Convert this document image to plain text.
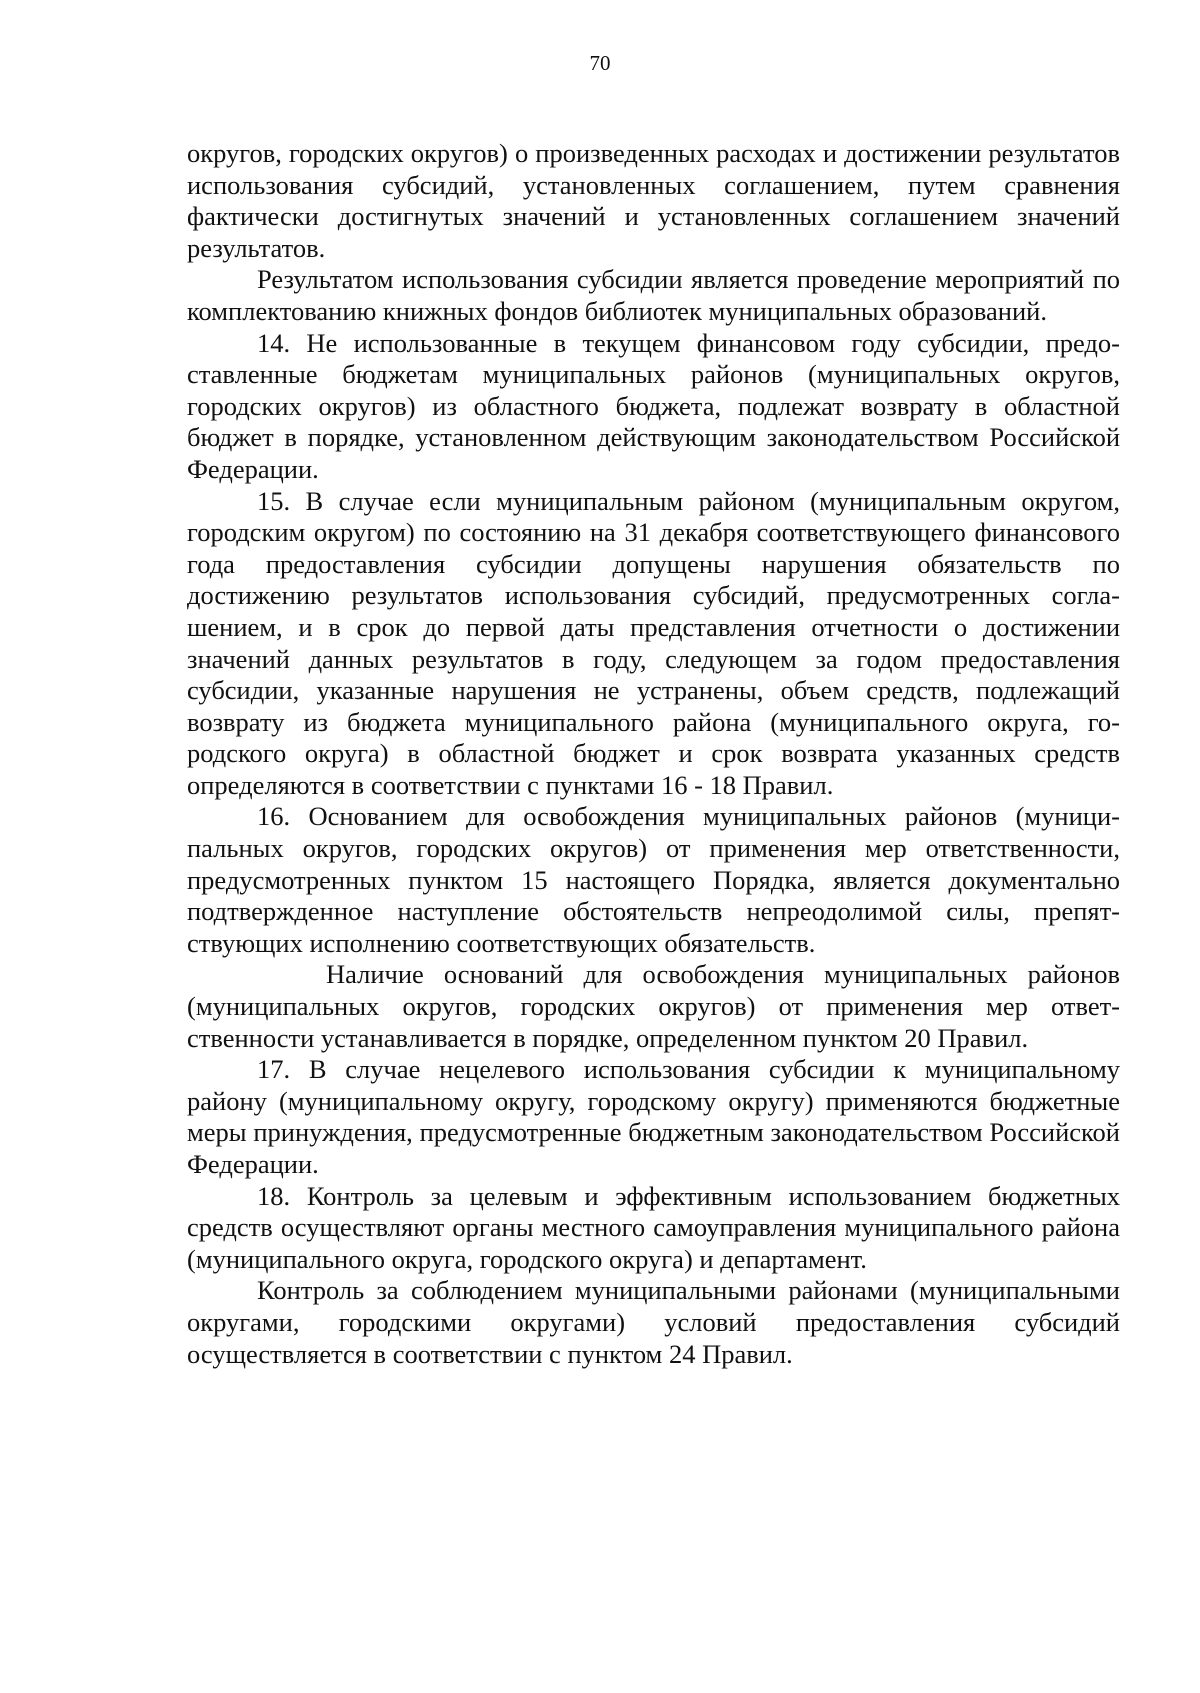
70

округов, городских округов) о произведенных расходах и достижении результатов использования субсидий, установленных соглашением, путем сравнения фактически достигнутых значений и установленных соглашением значений результатов.

Результатом использования субсидии является проведение мероприятий по комплектованию книжных фондов библиотек муниципальных образований.

14. Не использованные в текущем финансовом году субсидии, предоставленные бюджетам муниципальных районов (муниципальных округов, городских округов) из областного бюджета, подлежат возврату в областной бюджет в порядке, установленном действующим законодательством Российской Федерации.

15. В случае если муниципальным районом (муниципальным округом, городским округом) по состоянию на 31 декабря соответствующего финансового года предоставления субсидии допущены нарушения обязательств по достижению результатов использования субсидий, предусмотренных соглашением, и в срок до первой даты представления отчетности о достижении значений данных результатов в году, следующем за годом предоставления субсидии, указанные нарушения не устранены, объем средств, подлежащий возврату из бюджета муниципального района (муниципального округа, городского округа) в областной бюджет и срок возврата указанных средств определяются в соответствии с пунктами 16 - 18 Правил.

16. Основанием для освобождения муниципальных районов (муниципальных округов, городских округов) от применения мер ответственности, предусмотренных пунктом 15 настоящего Порядка, является документально подтвержденное наступление обстоятельств непреодолимой силы, препятствующих исполнению соответствующих обязательств.

Наличие оснований для освобождения муниципальных районов (муниципальных округов, городских округов) от применения мер ответственности устанавливается в порядке, определенном пунктом 20 Правил.

17. В случае нецелевого использования субсидии к муниципальному району (муниципальному округу, городскому округу) применяются бюджетные меры принуждения, предусмотренные бюджетным законодательством Российской Федерации.

18. Контроль за целевым и эффективным использованием бюджетных средств осуществляют органы местного самоуправления муниципального района (муниципального округа, городского округа) и департамент.

Контроль за соблюдением муниципальными районами (муниципальными округами, городскими округами) условий предоставления субсидий осуществляется в соответствии с пунктом 24 Правил.
